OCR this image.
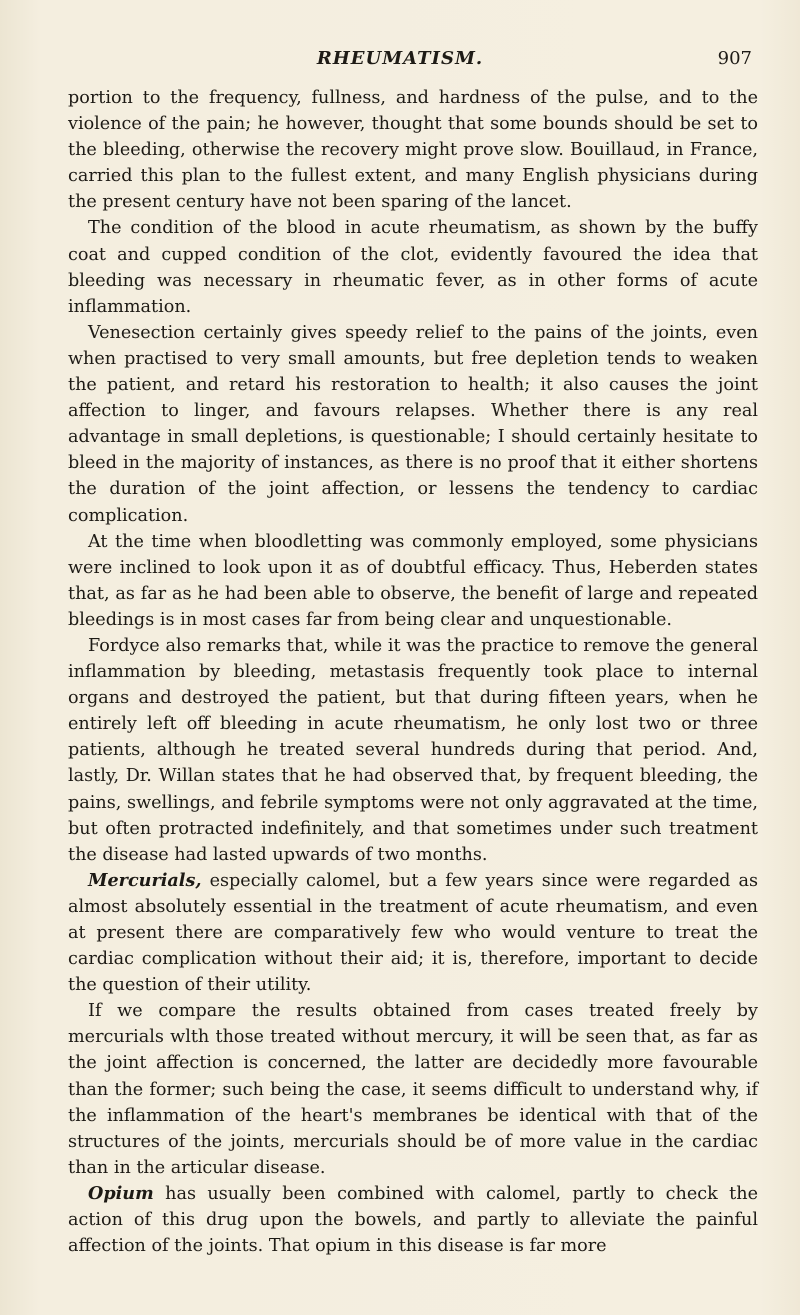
RHEUMATISM.	907

portion to the frequency, fullness, and hardness of the pulse, and to the violence of the pain; he however, thought that some bounds should be set to the bleeding, otherwise the recovery might prove slow. Bouillaud, in France, carried this plan to the fullest extent, and many English physicians during the present century have not been sparing of the lancet.

The condition of the blood in acute rheumatism, as shown by the buffy coat and cupped condition of the clot, evidently favoured the idea that bleeding was necessary in rheumatic fever, as in other forms of acute inflammation.

Venesection certainly gives speedy relief to the pains of the joints, even when practised to very small amounts, but free depletion tends to weaken the patient, and retard his restoration to health; it also causes the joint affection to linger, and favours relapses. Whether there is any real advantage in small depletions, is questionable; I should certainly hesitate to bleed in the majority of instances, as there is no proof that it either shortens the duration of the joint affection, or lessens the tendency to cardiac complication.

At the time when bloodletting was commonly employed, some physicians were inclined to look upon it as of doubtful efficacy. Thus, Heberden states that, as far as he had been able to observe, the benefit of large and repeated bleedings is in most cases far from being clear and unquestionable.

Fordyce also remarks that, while it was the practice to remove the general inflammation by bleeding, metastasis frequently took place to internal organs and destroyed the patient, but that during fifteen years, when he entirely left off bleeding in acute rheumatism, he only lost two or three patients, although he treated several hundreds during that period. And, lastly, Dr. Willan states that he had observed that, by frequent bleeding, the pains, swellings, and febrile symptoms were not only aggravated at the time, but often protracted indefinitely, and that sometimes under such treatment the disease had lasted upwards of two months.

Mercurials, especially calomel, but a few years since were regarded as almost absolutely essential in the treatment of acute rheumatism, and even at present there are comparatively few who would venture to treat the cardiac complication without their aid; it is, therefore, important to decide the question of their utility.

If we compare the results obtained from cases treated freely by mercurials wlth those treated without mercury, it will be seen that, as far as the joint affection is concerned, the latter are decidedly more favourable than the former; such being the case, it seems difficult to understand why, if the inflammation of the heart's membranes be identical with that of the structures of the joints, mercurials should be of more value in the cardiac than in the articular disease.

Opium has usually been combined with calomel, partly to check the action of this drug upon the bowels, and partly to alleviate the painful affection of the joints. That opium in this disease is far more
